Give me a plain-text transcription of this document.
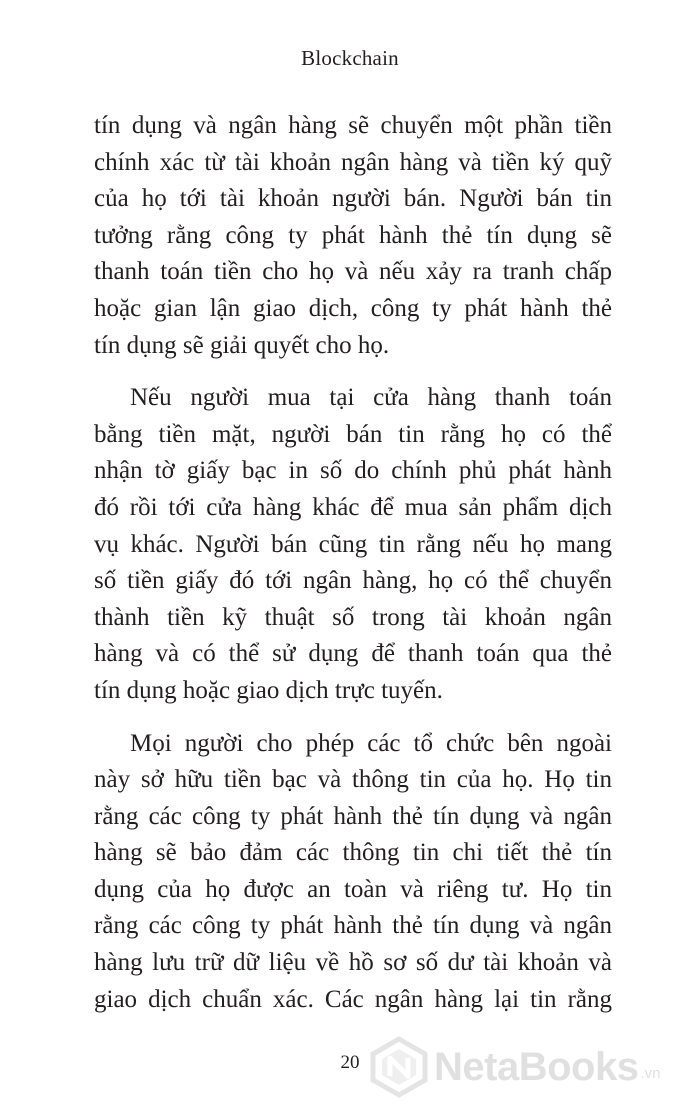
Blockchain
tín dụng và ngân hàng sẽ chuyển một phần tiền
chính xác từ tài khoản ngân hàng và tiền ký quỹ
của họ tới tài khoản người bán. Người bán tin
tưởng rằng công ty phát hành thẻ tín dụng sẽ
thanh toán tiền cho họ và nếu xảy ra tranh chấp
hoặc gian lận giao dịch, công ty phát hành thẻ
tín dụng sẽ giải quyết cho họ.
Nếu người mua tại cửa hàng thanh toán
bằng tiền mặt, người bán tin rằng họ có thể
nhận tờ giấy bạc in số do chính phủ phát hành
đó rồi tới cửa hàng khác để mua sản phẩm dịch
vụ khác. Người bán cũng tin rằng nếu họ mang
số tiền giấy đó tới ngân hàng, họ có thể chuyển
thành tiền kỹ thuật số trong tài khoản ngân
hàng và có thể sử dụng để thanh toán qua thẻ
tín dụng hoặc giao dịch trực tuyến.
Mọi người cho phép các tổ chức bên ngoài
này sở hữu tiền bạc và thông tin của họ. Họ tin
rằng các công ty phát hành thẻ tín dụng và ngân
hàng sẽ bảo đảm các thông tin chi tiết thẻ tín
dụng của họ được an toàn và riêng tư. Họ tin
rằng các công ty phát hành thẻ tín dụng và ngân
hàng lưu trữ dữ liệu về hồ sơ số dư tài khoản và
giao dịch chuẩn xác. Các ngân hàng lại tin rằng
20	NetaBooks .vn
